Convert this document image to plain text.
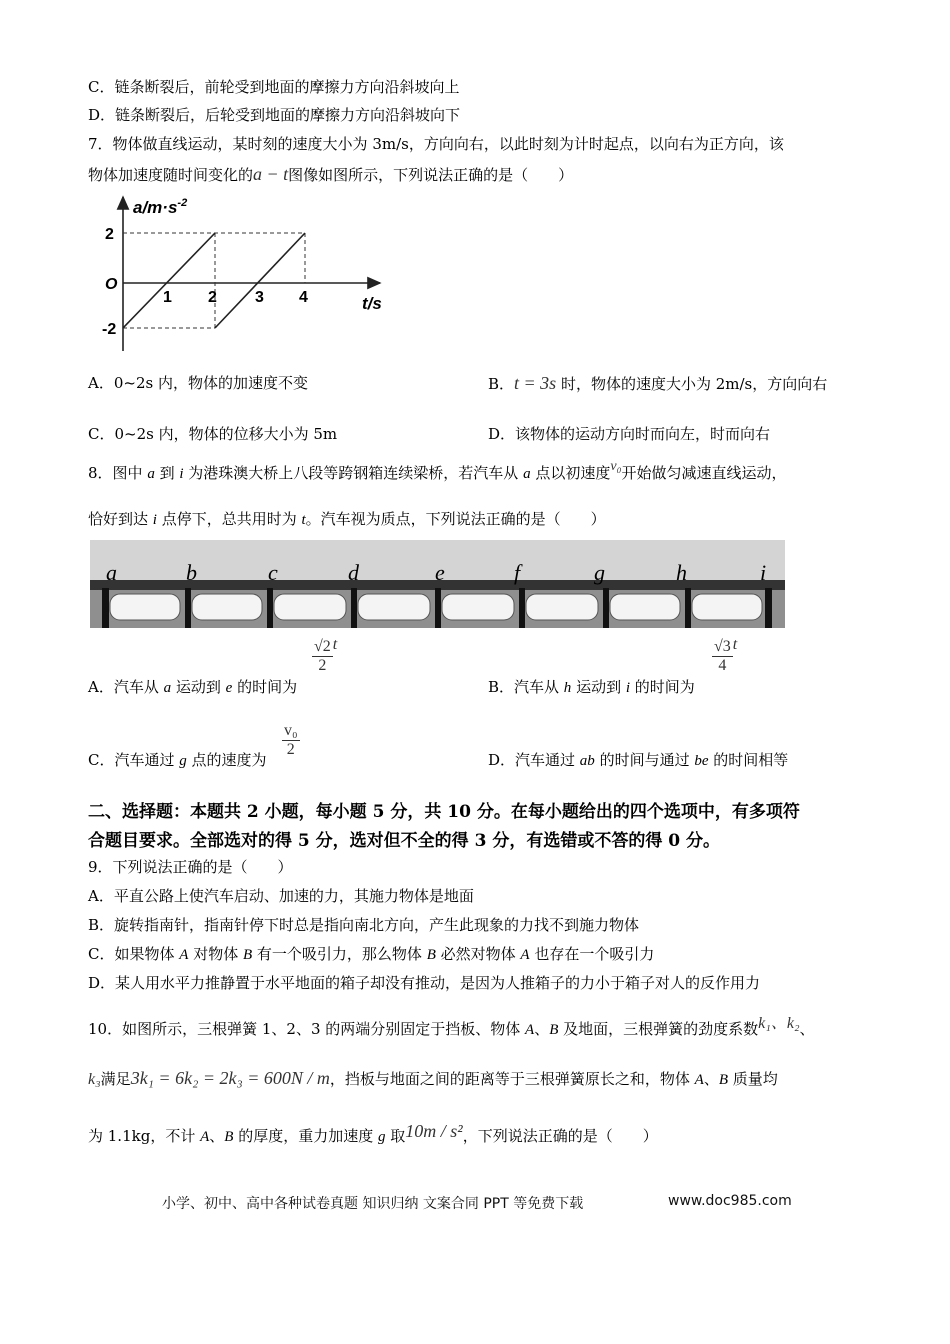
C．链条断裂后，前轮受到地面的摩擦力方向沿斜坡向上
D．链条断裂后，后轮受到地面的摩擦力方向沿斜坡向下
7．物体做直线运动，某时刻的速度大小为 3m/s，方向向右，以此时刻为计时起点，以向右为正方向，该
物体加速度随时间变化的a − t图像如图所示，下列说法正确的是（　　）
$a/m\cdot s^{-2}$
2
-2
O
1 2 3 4	t/s
A．0~2s 内，物体的加速度不变	B．t = 3s 时，物体的速度大小为 2m/s，方向向右
C．0~2s 内，物体的位移大小为 5m	D．该物体的运动方向时而向左，时而向右
8．图中 a 到 i 为港珠澳大桥上八段等跨钢箱连续梁桥，若汽车从 a 点以初速度v₀开始做匀减速直线运动，
恰好到达 i 点停下，总共用时为 t。汽车视为质点，下列说法正确的是（　　）
a	b	c	d	e	f	g	h	i
A．汽车从 a 运动到 e 的时间为
$\frac{√2}{2}$ t
B．汽车从 h 运动到 i 的时间为
$\frac{√3}{4}$ t
C．汽车通过 g 点的速度为
$\frac{\text{v₀}}{2}$
D．汽车通过 ab 的时间与通过 be 的时间相等
二、选择题：本题共 2 小题，每小题 5 分，共 10 分。在每小题给出的四个选项中，有多项符
合题目要求。全部选对的得 5 分，选对但不全的得 3 分，有选错或不答的得 0 分。
9．下列说法正确的是（　　）
A．平直公路上使汽车启动、加速的力，其施力物体是地面
B．旋转指南针，指南针停下时总是指向南北方向，产生此现象的力找不到施力物体
C．如果物体 A 对物体 B 有一个吸引力，那么物体 B 必然对物体 A 也存在一个吸引力
D．某人用水平力推静置于水平地面的箱子却没有推动，是因为人推箱子的力小于箱子对人的反作用力
10．如图所示，三根弹簧 1、2、3 的两端分别固定于挡板、物体 A、B 及地面，三根弹簧的劲度系数k₁、k₂、
k₃满足3k₁ = 6k₂ = 2k₃ = 600N / m，挡板与地面之间的距离等于三根弹簧原长之和，物体 A、B 质量均
为 1.1kg，不计 A、B 的厚度，重力加速度 g 取10m / s²，下列说法正确的是（　　）
小学、初中、高中各种试卷真题 知识归纳 文案合同 PPT 等免费下载	www.doc985.com
